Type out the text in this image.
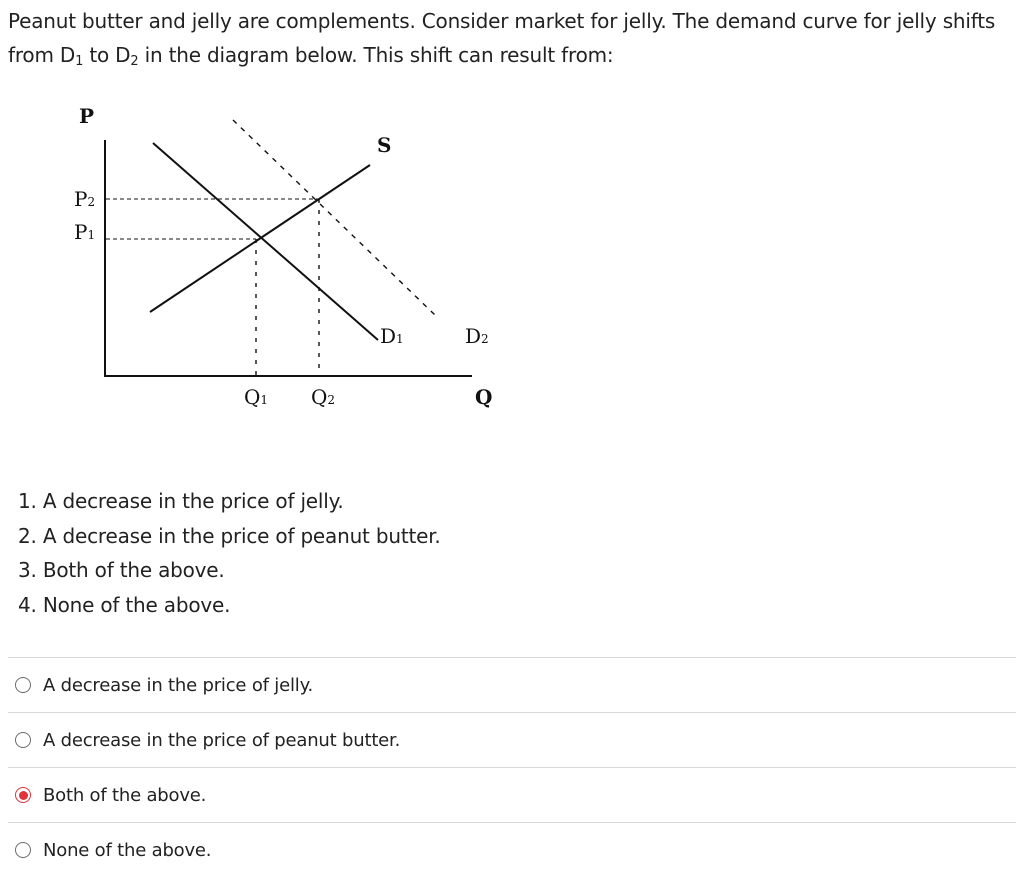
Peanut butter and jelly are complements. Consider market for jelly. The demand curve for jelly shifts

from $D_1$ to $D_2$ in the diagram below. This shift can result from:

P
Q
S
D1	D2
P2
P1
Q1 Q2
1. A decrease in the price of jelly.
2. A decrease in the price of peanut butter.
3. Both of the above.
4. None of the above.
A decrease in the price of jelly.
A decrease in the price of peanut butter.
Both of the above.
None of the above.
